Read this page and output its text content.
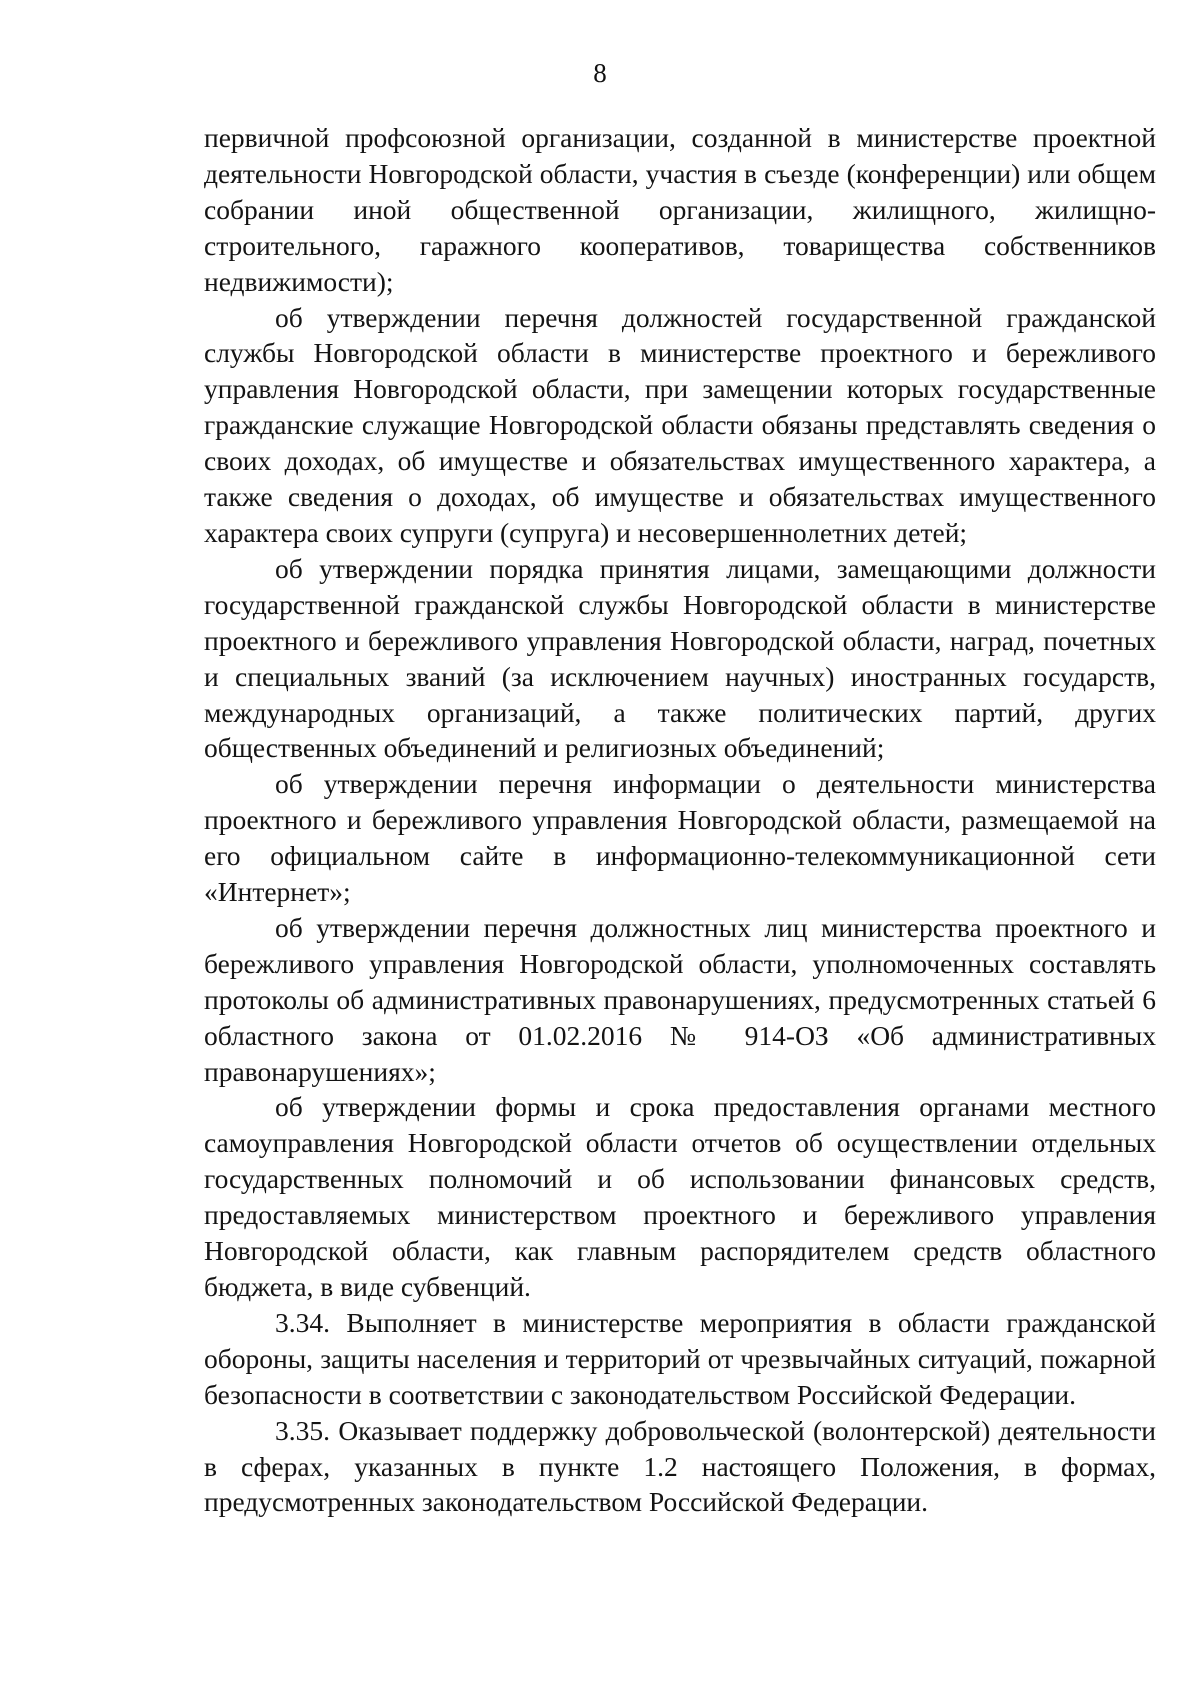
8

первичной профсоюзной организации, созданной в министерстве проектной деятельности Новгородской области, участия в съезде (конференции) или общем собрании иной общественной организации, жилищного, жилищно-строительного, гаражного кооперативов, товарищества собственников недвижимости);

об утверждении перечня должностей государственной гражданской службы Новгородской области в министерстве проектного и бережливого управления Новгородской области, при замещении которых государственные гражданские служащие Новгородской области обязаны представлять сведения о своих доходах, об имуществе и обязательствах имущественного характера, а также сведения о доходах, об имуществе и обязательствах имущественного характера своих супруги (супруга) и несовершеннолетних детей;

об утверждении порядка принятия лицами, замещающими должности государственной гражданской службы Новгородской области в министерстве проектного и бережливого управления Новгородской области, наград, почетных и специальных званий (за исключением научных) иностранных государств, международных организаций, а также политических партий, других общественных объединений и религиозных объединений;

об утверждении перечня информации о деятельности министерства проектного и бережливого управления Новгородской области, размещаемой на его официальном сайте в информационно-телекоммуникационной сети «Интернет»;

об утверждении перечня должностных лиц министерства проектного и бережливого управления Новгородской области, уполномоченных составлять протоколы об административных правонарушениях, предусмотренных статьей 6 областного закона от 01.02.2016 № 914-ОЗ «Об административных правонарушениях»;

об утверждении формы и срока предоставления органами местного самоуправления Новгородской области отчетов об осуществлении отдельных государственных полномочий и об использовании финансовых средств, предоставляемых министерством проектного и бережливого управления Новгородской области, как главным распорядителем средств областного бюджета, в виде субвенций.

3.34. Выполняет в министерстве мероприятия в области гражданской обороны, защиты населения и территорий от чрезвычайных ситуаций, пожарной безопасности в соответствии с законодательством Российской Федерации.

3.35. Оказывает поддержку добровольческой (волонтерской) деятельности в сферах, указанных в пункте 1.2 настоящего Положения, в формах, предусмотренных законодательством Российской Федерации.
